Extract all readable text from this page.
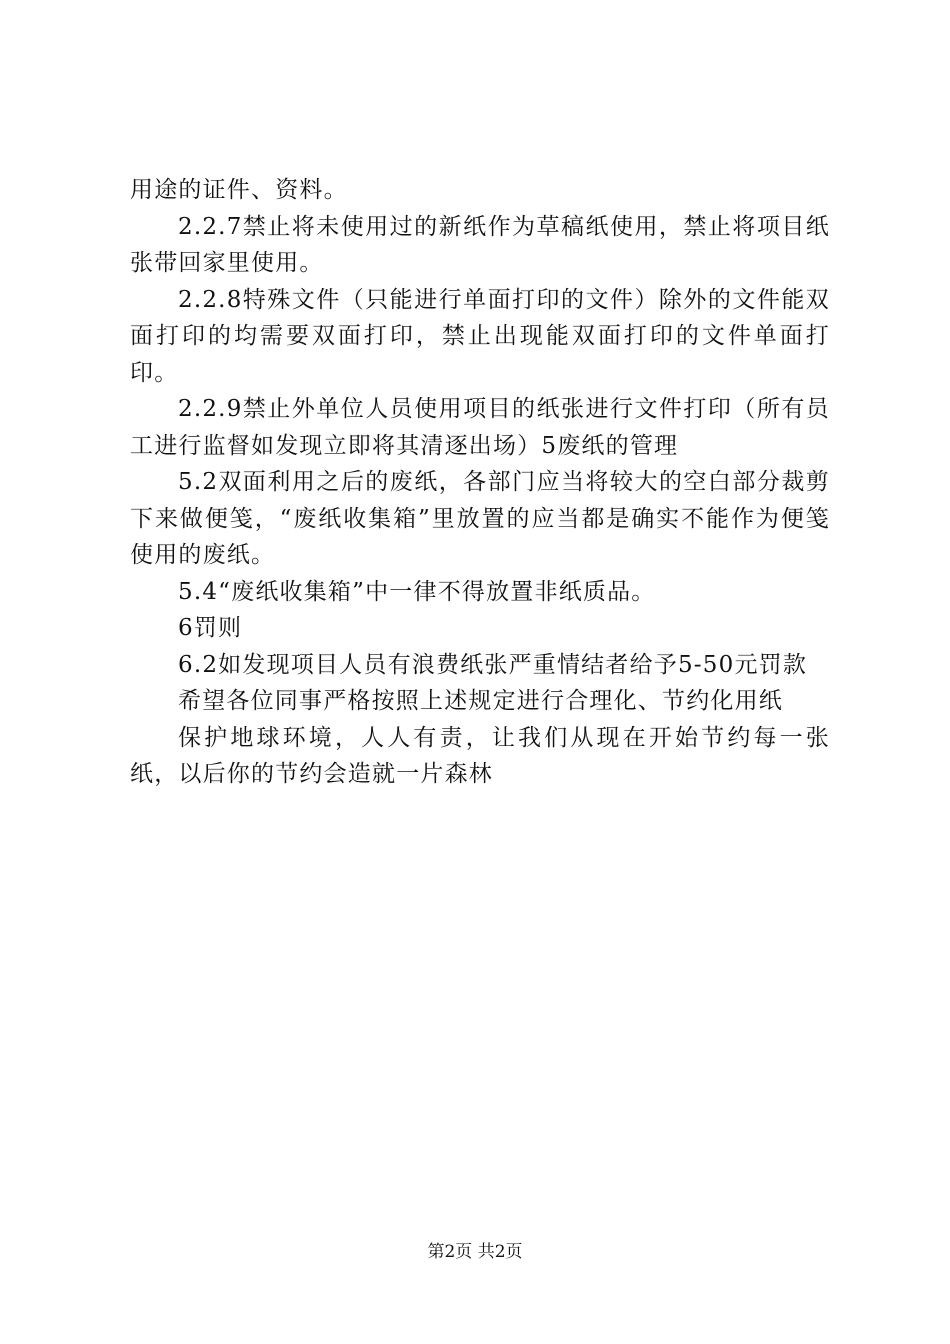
用途的证件、资料。

2.2.7禁止将未使用过的新纸作为草稿纸使用，禁止将项目纸张带回家里使用。

2.2.8特殊文件（只能进行单面打印的文件）除外的文件能双面打印的均需要双面打印，禁止出现能双面打印的文件单面打印。

2.2.9禁止外单位人员使用项目的纸张进行文件打印（所有员工进行监督如发现立即将其清逐出场）5废纸的管理

5.2双面利用之后的废纸，各部门应当将较大的空白部分裁剪下来做便笺，“废纸收集箱”里放置的应当都是确实不能作为便笺使用的废纸。

5.4“废纸收集箱”中一律不得放置非纸质品。

6罚则

6.2如发现项目人员有浪费纸张严重情结者给予5-50元罚款

希望各位同事严格按照上述规定进行合理化、节约化用纸

保护地球环境，人人有责，让我们从现在开始节约每一张纸，以后你的节约会造就一片森林

第2页 共2页
